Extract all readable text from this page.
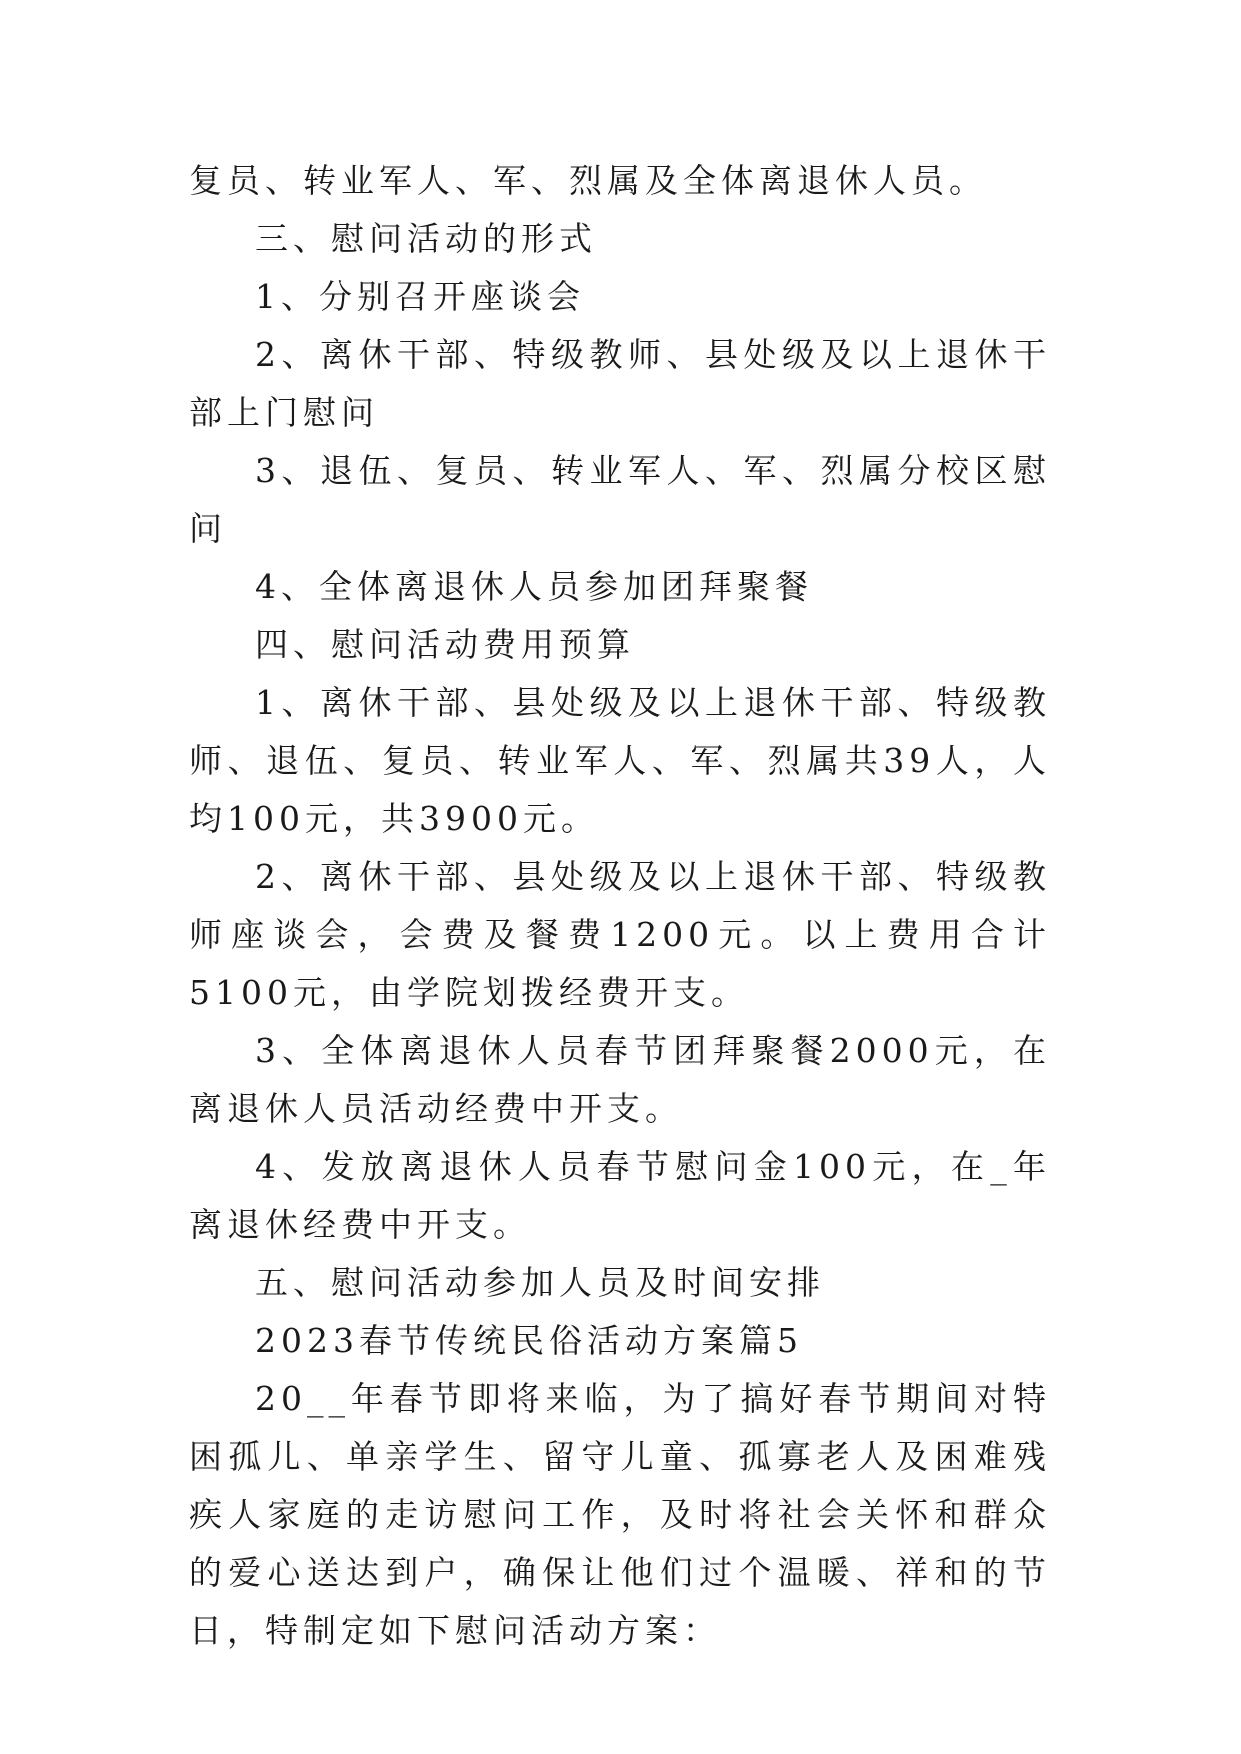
复员、转业军人、军、烈属及全体离退休人员。

三、慰问活动的形式

1、分别召开座谈会

2、离休干部、特级教师、县处级及以上退休干部上门慰问

3、退伍、复员、转业军人、军、烈属分校区慰问

4、全体离退休人员参加团拜聚餐

四、慰问活动费用预算

1、离休干部、县处级及以上退休干部、特级教师、退伍、复员、转业军人、军、烈属共39人，人均100元，共3900元。

2、离休干部、县处级及以上退休干部、特级教师座谈会，会费及餐费1200元。以上费用合计5100元，由学院划拨经费开支。

3、全体离退休人员春节团拜聚餐2000元，在离退休人员活动经费中开支。

4、发放离退休人员春节慰问金100元，在_年离退休经费中开支。

五、慰问活动参加人员及时间安排

2023春节传统民俗活动方案篇5

20__年春节即将来临，为了搞好春节期间对特困孤儿、单亲学生、留守儿童、孤寡老人及困难残疾人家庭的走访慰问工作，及时将社会关怀和群众的爱心送达到户，确保让他们过个温暖、祥和的节日，特制定如下慰问活动方案：
